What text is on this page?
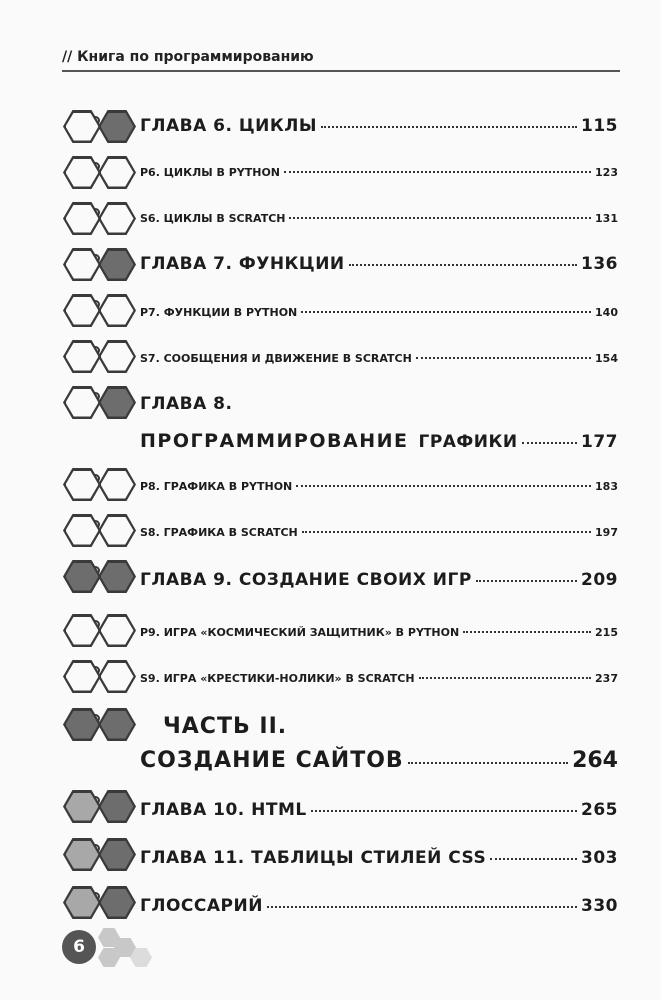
// Книга по программированию
ГЛАВА 6. ЦИКЛЫ	115
P6. ЦИКЛЫ В PYTHON	123
S6. ЦИКЛЫ В SCRATCH	131
ГЛАВА 7. ФУНКЦИИ	136
P7. ФУНКЦИИ В PYTHON	140
S7. СООБЩЕНИЯ И ДВИЖЕНИЕ В SCRATCH	154
ГЛАВА 8.
ПРОГРАММИРОВАНИЕ ГРАФИКИ	177
P8. ГРАФИКА В PYTHON	183
S8. ГРАФИКА В SCRATCH	197
ГЛАВА 9. СОЗДАНИЕ СВОИХ ИГР	209
P9. ИГРА «КОСМИЧЕСКИЙ ЗАЩИТНИК» В PYTHON	215
S9. ИГРА «КРЕСТИКИ-НОЛИКИ» В SCRATCH	237
ЧАСТЬ II.
СОЗДАНИЕ САЙТОВ	264
ГЛАВА 10. HTML	265
ГЛАВА 11. ТАБЛИЦЫ СТИЛЕЙ CSS	303
ГЛОССАРИЙ	330
6
